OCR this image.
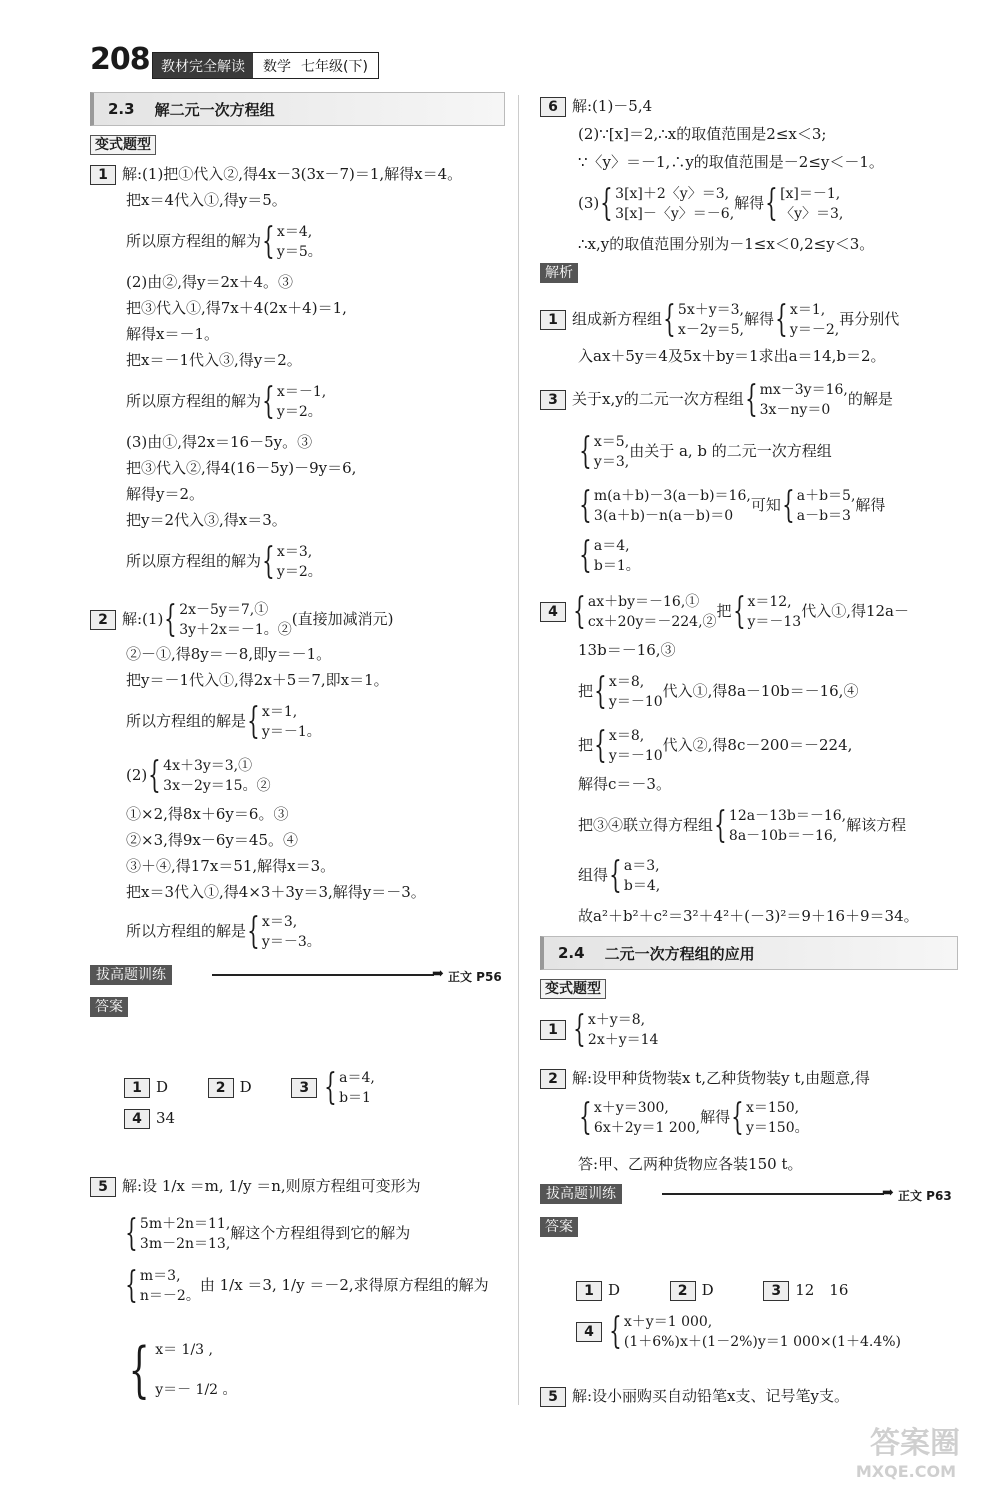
208 教材完全解读	数学 七年级(下)
2.3 解二元一次方程组
变式题型
1 解:(1)把①代入②,得4x－3(3x－7)＝1,解得x＝4。
把x＝4代入①,得y＝5。
所以原方程组的解为 { x＝4,
y＝5。
(2)由②,得y＝2x＋4。③
把③代入①,得7x＋4(2x＋4)＝1,
解得x＝－1。
把x＝－1代入③,得y＝2。
所以原方程组的解为 { x＝－1,
y＝2。
(3)由①,得2x＝16－5y。③
把③代入②,得4(16－5y)－9y＝6,
解得y＝2。
把y＝2代入③,得x＝3。
所以原方程组的解为 { x＝3,
y＝2。
2 解:(1) { 2x－5y＝7,①
3y＋2x＝－1。②
(直接加减消元)
②－①,得8y＝－8,即y＝－1。
把y＝－1代入①,得2x＋5＝7,即x＝1。
所以方程组的解是 { x＝1,
y＝－1。
(2) { 4x＋3y＝3,①
3x－2y＝15。②
①×2,得8x＋6y＝6。③
②×3,得9x－6y＝45。④
③＋④,得17x＝51,解得x＝3。
把x＝3代入①,得4×3＋3y＝3,解得y＝－3。
所以方程组的解是 { x＝3,
y＝－3。
拔高题训练	➡ 正文 P56
答案
1 D	2 D	3 { a＝4,
b＝1
4 34
5 解:设 1/x ＝m, 1/y ＝n,则原方程组可变形为
{ 5m＋2n＝11,
3m－2n＝13,
解这个方程组得到它的解为
{ m＝3,
n＝－2。
由 1/x ＝3, 1/y ＝－2,求得原方程组的解为
{ x＝ 1/3 ,
y＝－ 1/2 。
6 解:(1)－5,4
(2)∵[x]＝2,∴x的取值范围是2≤x＜3;
∵〈y〉＝－1,∴y的取值范围是－2≤y＜－1。
(3) { 3[x]＋2〈y〉＝3,
3[x]－〈y〉＝－6,
解得 { [x]＝－1,
〈y〉＝3,
∴x,y的取值范围分别为－1≤x＜0,2≤y＜3。
解析
1 组成新方程组 { 5x＋y＝3,
x－2y＝5,
解得 { x＝1,
y＝－2,
再分别代
入ax＋5y＝4及5x＋by＝1求出a＝14,b＝2。
3 关于x,y的二元一次方程组 { mx－3y＝16,
3x－ny＝0
的解是
{ x＝5,
y＝3,
由关于 a, b 的二元一次方程组
{ m(a＋b)－3(a－b)＝16,
3(a＋b)－n(a－b)＝0
可知 { a＋b＝5,
a－b＝3
解得
{ a＝4,
b＝1。
4 { ax＋by＝－16,①
cx＋20y＝－224,②
把 { x＝12,
y＝－13
代入①,得12a－
13b＝－16,③
把 { x＝8,
y＝－10
代入①,得8a－10b＝－16,④
把 { x＝8,
y＝－10
代入②,得8c－200＝－224,
解得c＝－3。
把③④联立得方程组 { 12a－13b＝－16,
8a－10b＝－16,
解该方程
组得 { a＝3,
b＝4,
故a²＋b²＋c²＝3²＋4²＋(－3)²＝9＋16＋9＝34。
2.4 二元一次方程组的应用
变式题型
1 { x＋y＝8,
2x＋y＝14
2 解:设甲种货物装x t,乙种货物装y t,由题意,得
{ x＋y＝300,
6x＋2y＝1 200,
解得 { x＝150,
y＝150。
答:甲、乙两种货物应各装150 t。
拔高题训练	➡ 正文 P63
答案
1 D	2 D	3 12　16
4 { x＋y＝1 000,
(1＋6%)x＋(1－2%)y＝1 000×(1＋4.4%)
5 解:设小丽购买自动铅笔x支、记号笔y支。
答案圈
MXQE.COM
